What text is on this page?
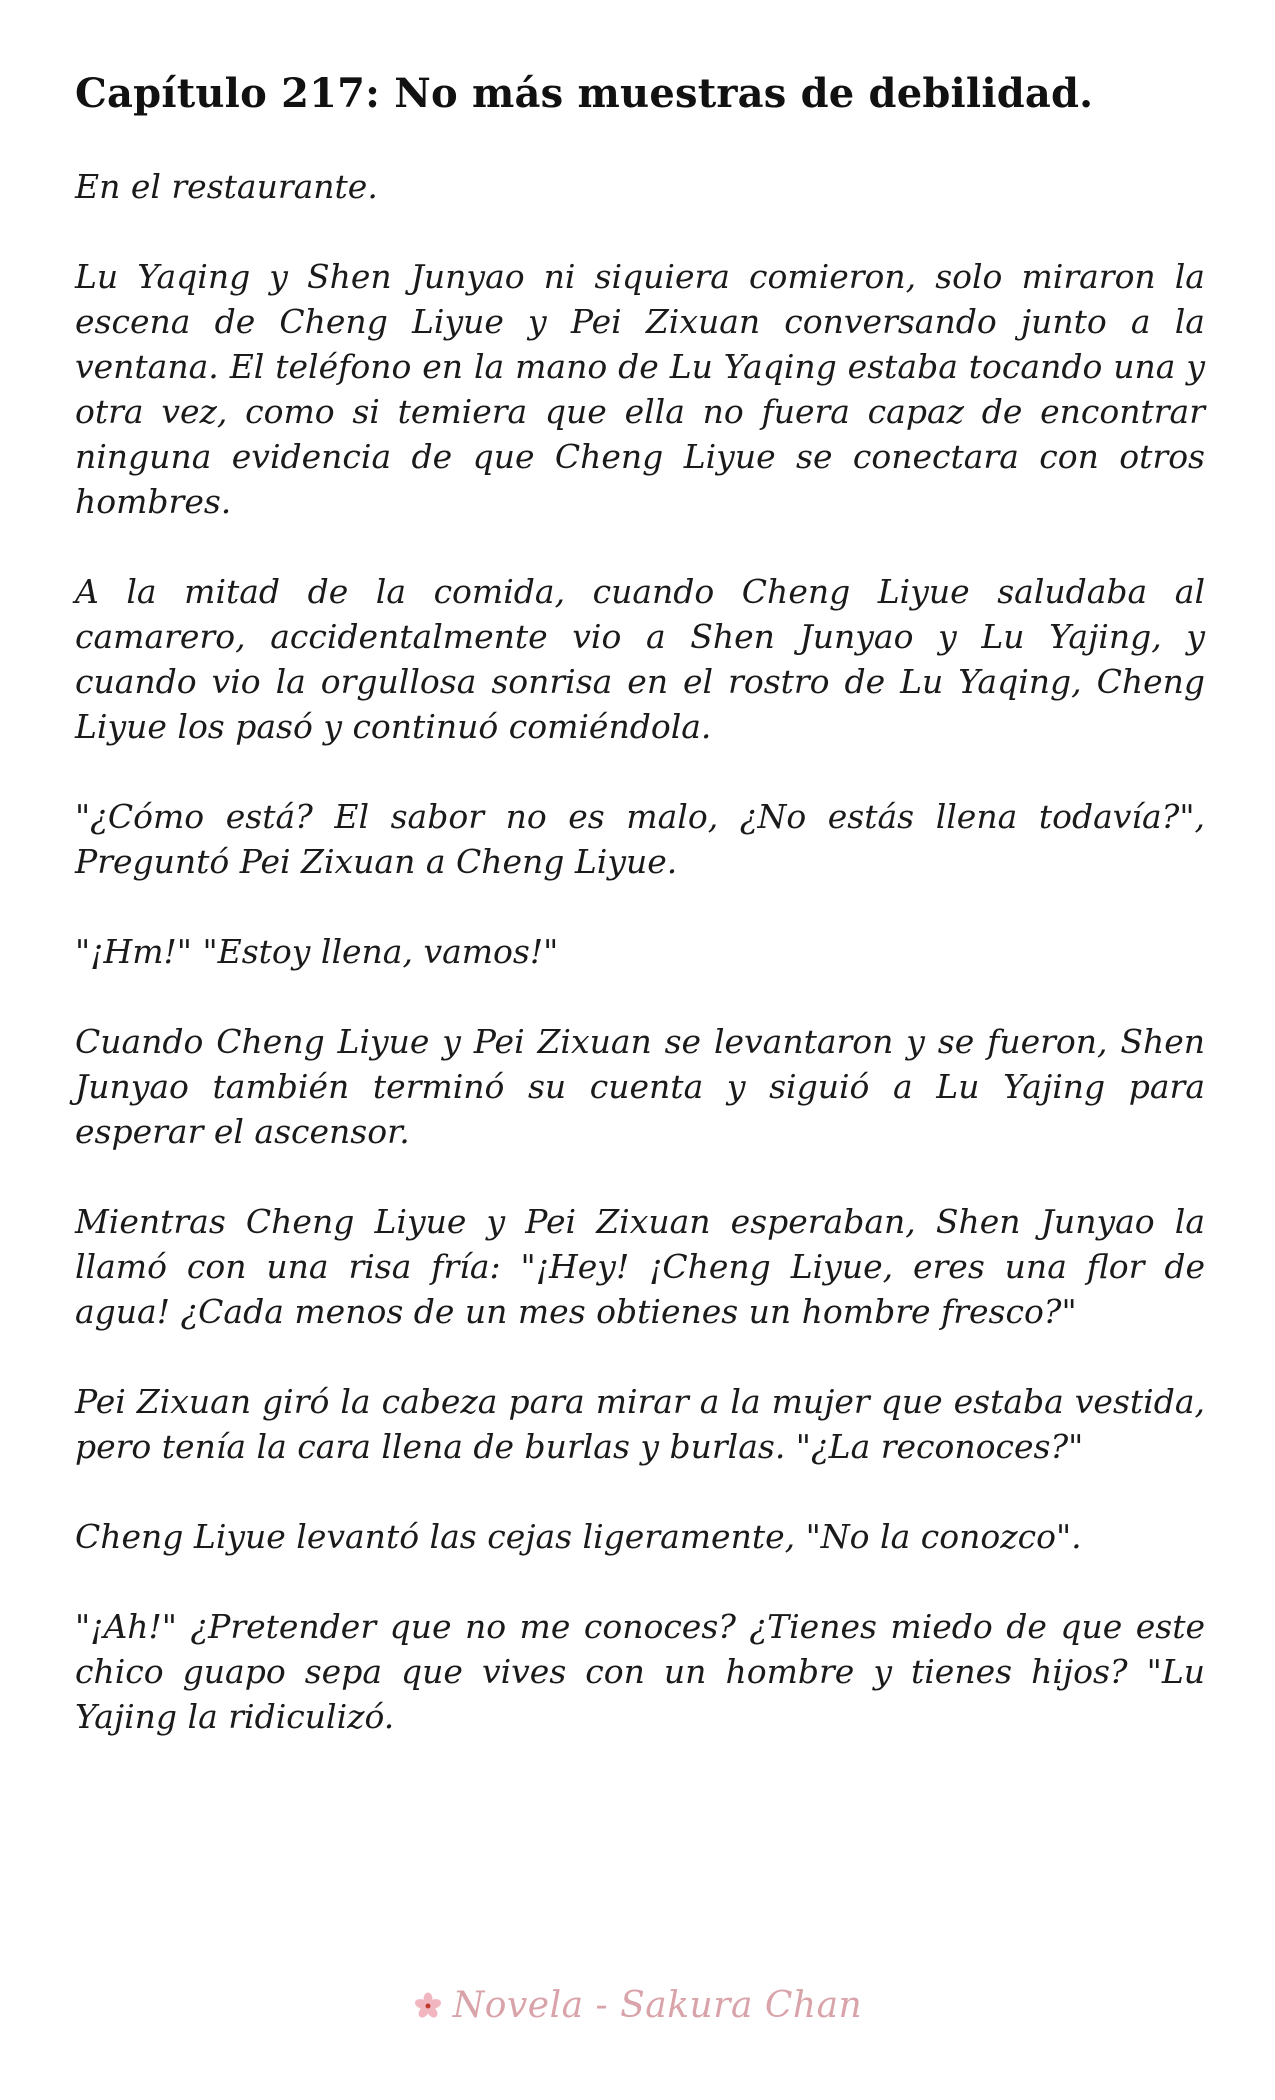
Capítulo 217: No más muestras de debilidad.

En el restaurante.

Lu Yaqing y Shen Junyao ni siquiera comieron, solo miraron la escena de Cheng Liyue y Pei Zixuan conversando junto a la ventana. El teléfono en la mano de Lu Yaqing estaba tocando una y otra vez, como si temiera que ella no fuera capaz de encontrar ninguna evidencia de que Cheng Liyue se conectara con otros hombres.

A la mitad de la comida, cuando Cheng Liyue saludaba al camarero, accidentalmente vio a Shen Junyao y Lu Yajing, y cuando vio la orgullosa sonrisa en el rostro de Lu Yaqing, Cheng Liyue los pasó y continuó comiéndola.

"¿Cómo está? El sabor no es malo, ¿No estás llena todavía?", Preguntó Pei Zixuan a Cheng Liyue.

"¡Hm!" "Estoy llena, vamos!"

Cuando Cheng Liyue y Pei Zixuan se levantaron y se fueron, Shen Junyao también terminó su cuenta y siguió a Lu Yajing para esperar el ascensor.

Mientras Cheng Liyue y Pei Zixuan esperaban, Shen Junyao la llamó con una risa fría: "¡Hey! ¡Cheng Liyue, eres una flor de agua! ¿Cada menos de un mes obtienes un hombre fresco?"

Pei Zixuan giró la cabeza para mirar a la mujer que estaba vestida, pero tenía la cara llena de burlas y burlas. "¿La reconoces?"

Cheng Liyue levantó las cejas ligeramente, "No la conozco".

"¡Ah!" ¿Pretender que no me conoces? ¿Tienes miedo de que este chico guapo sepa que vives con un hombre y tienes hijos? "Lu Yajing la ridiculizó.

Novela - Sakura Chan
